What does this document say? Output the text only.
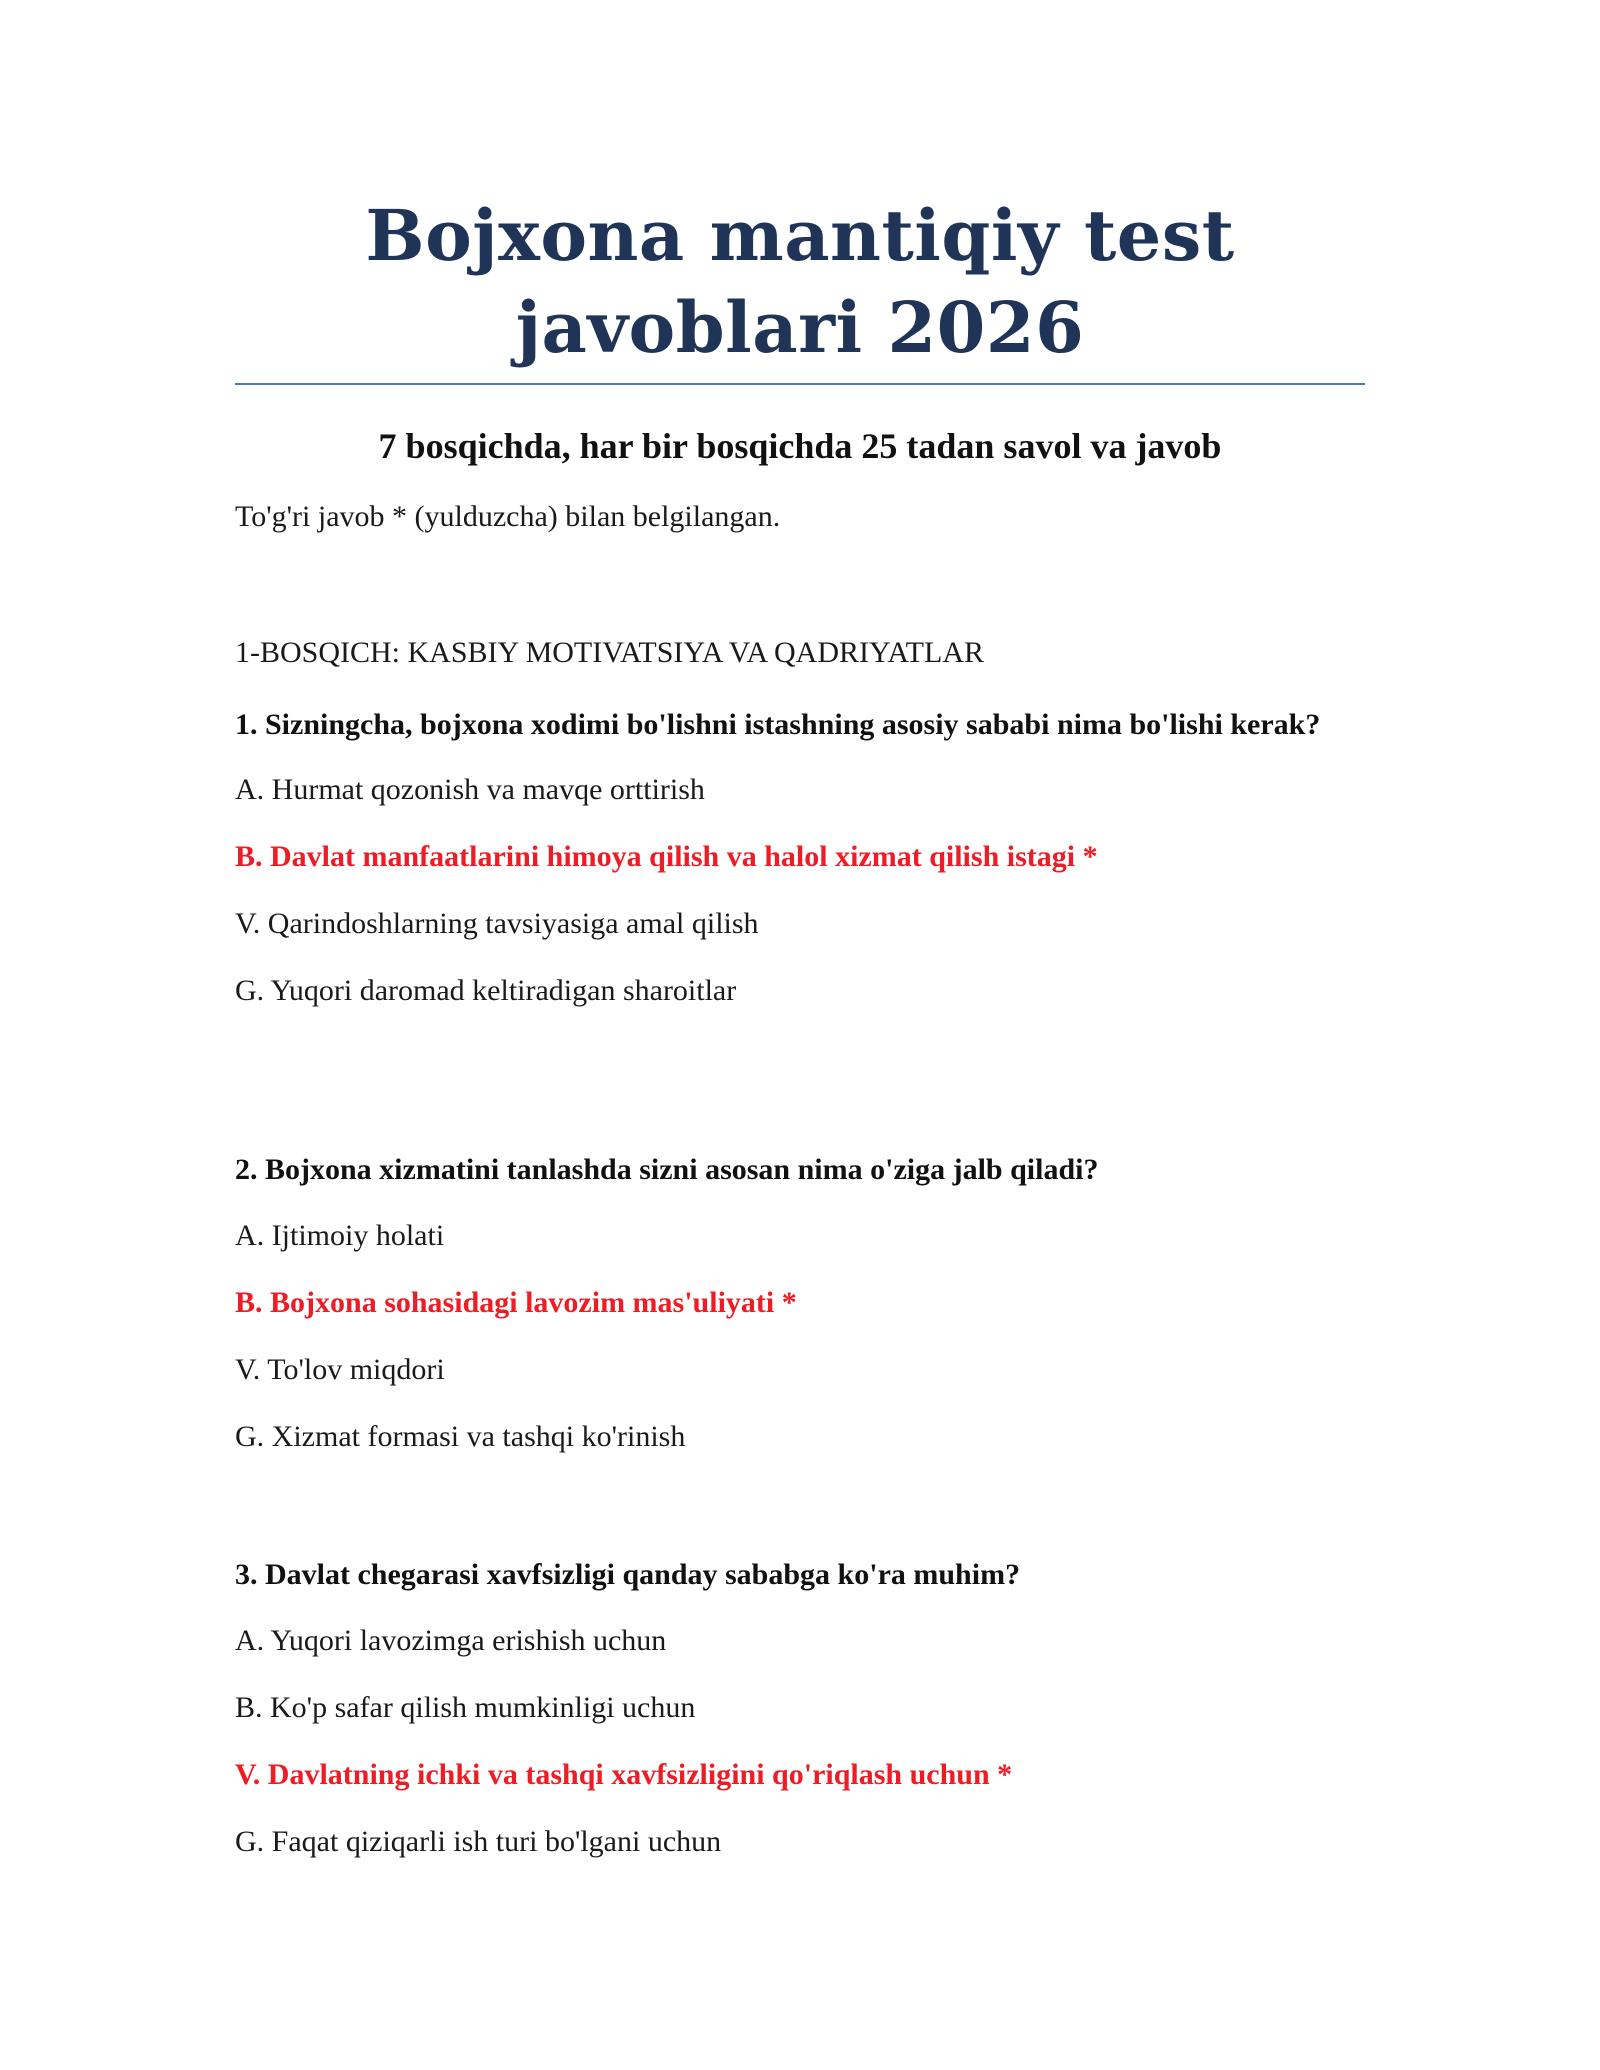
Bojxona mantiqiy test javoblari 2026
7 bosqichda, har bir bosqichda 25 tadan savol va javob

To'g'ri javob * (yulduzcha) bilan belgilangan.

1-BOSQICH: KASBIY MOTIVATSIYA VA QADRIYATLAR

1. Sizningcha, bojxona xodimi bo'lishni istashning asosiy sababi nima bo'lishi kerak?

A. Hurmat qozonish va mavqe orttirish

B. Davlat manfaatlarini himoya qilish va halol xizmat qilish istagi *

V. Qarindoshlarning tavsiyasiga amal qilish

G. Yuqori daromad keltiradigan sharoitlar

2. Bojxona xizmatini tanlashda sizni asosan nima o'ziga jalb qiladi?

A. Ijtimoiy holati

B. Bojxona sohasidagi lavozim mas'uliyati *

V. To'lov miqdori

G. Xizmat formasi va tashqi ko'rinish

3. Davlat chegarasi xavfsizligi qanday sababga ko'ra muhim?

A. Yuqori lavozimga erishish uchun

B. Ko'p safar qilish mumkinligi uchun

V. Davlatning ichki va tashqi xavfsizligini qo'riqlash uchun *

G. Faqat qiziqarli ish turi bo'lgani uchun
